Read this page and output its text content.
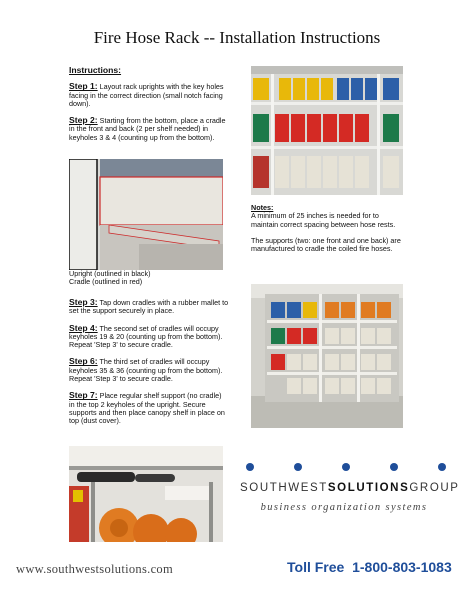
Fire Hose Rack -- Installation Instructions

Instructions:

Step 1: Layout rack uprights with the key holes facing in the correct direction (small notch facing down).

Step 2: Starting from the bottom, place a cradle in the front and back (2 per shelf needed) in keyholes 3 & 4 (counting up from the bottom).

Upright (outlined in black)

Cradle (outlined in red)

Step 3: Tap down cradles with a rubber mallet to set the support securely in place.

Step 4: The second set of cradles will occupy keyholes 19 & 20 (counting up from the bottom). Repeat 'Step 3' to secure cradle.

Step 6: The third set of cradles will occupy keyholes 35 & 36 (counting up from the bottom). Repeat 'Step 3' to secure cradle.

Step 7: Place regular shelf support (no cradle) in the top 2 keyholes of the upright. Secure supports and then place canopy shelf in place on top (dust cover).

Notes:

A minimum of 25 inches is needed for to maintain correct spacing between hose rests.

The supports (two: one front and one back) are manufactured to cradle the coiled fire hoses.

SOUTHWESTSOLUTIONSGROUP
business organization systems
www.southwestsolutions.com	Toll Free 1-800-803-1083
